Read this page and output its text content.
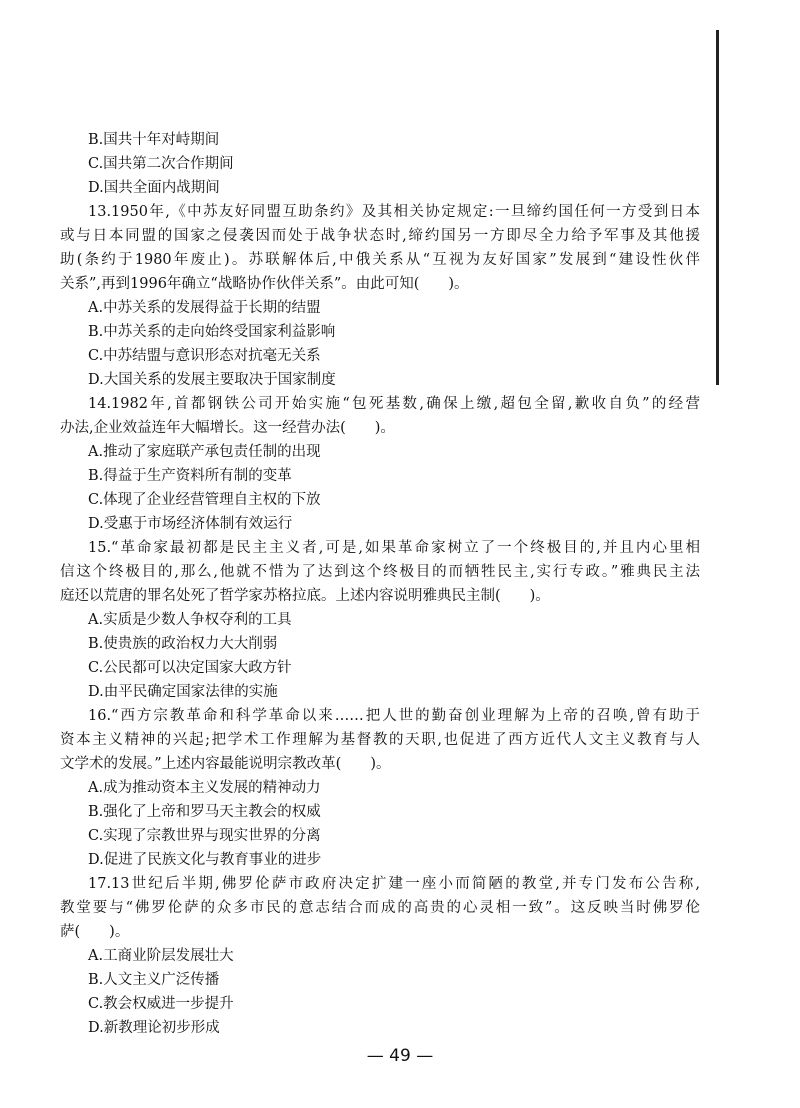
B.国共十年对峙期间
C.国共第二次合作期间
D.国共全面内战期间
13.1950年,《中苏友好同盟互助条约》及其相关协定规定:一旦缔约国任何一方受到日本
或与日本同盟的国家之侵袭因而处于战争状态时,缔约国另一方即尽全力给予军事及其他援
助(条约于1980年废止)。苏联解体后,中俄关系从“互视为友好国家”发展到“建设性伙伴
关系”,再到1996年确立“战略协作伙伴关系”。由此可知(　　)。
A.中苏关系的发展得益于长期的结盟
B.中苏关系的走向始终受国家利益影响
C.中苏结盟与意识形态对抗毫无关系
D.大国关系的发展主要取决于国家制度
14.1982年,首都钢铁公司开始实施“包死基数,确保上缴,超包全留,歉收自负”的经营
办法,企业效益连年大幅增长。这一经营办法(　　)。
A.推动了家庭联产承包责任制的出现
B.得益于生产资料所有制的变革
C.体现了企业经营管理自主权的下放
D.受惠于市场经济体制有效运行
15.“革命家最初都是民主主义者,可是,如果革命家树立了一个终极目的,并且内心里相
信这个终极目的,那么,他就不惜为了达到这个终极目的而牺牲民主,实行专政。”雅典民主法
庭还以荒唐的罪名处死了哲学家苏格拉底。上述内容说明雅典民主制(　　)。
A.实质是少数人争权夺利的工具
B.使贵族的政治权力大大削弱
C.公民都可以决定国家大政方针
D.由平民确定国家法律的实施
16.“西方宗教革命和科学革命以来……把人世的勤奋创业理解为上帝的召唤,曾有助于
资本主义精神的兴起;把学术工作理解为基督教的天职,也促进了西方近代人文主义教育与人
文学术的发展。”上述内容最能说明宗教改革(　　)。
A.成为推动资本主义发展的精神动力
B.强化了上帝和罗马天主教会的权威
C.实现了宗教世界与现实世界的分离
D.促进了民族文化与教育事业的进步
17.13世纪后半期,佛罗伦萨市政府决定扩建一座小而简陋的教堂,并专门发布公告称,
教堂要与“佛罗伦萨的众多市民的意志结合而成的高贵的心灵相一致”。这反映当时佛罗伦
萨(　　)。
A.工商业阶层发展壮大
B.人文主义广泛传播
C.教会权威进一步提升
D.新教理论初步形成
— 49 —
